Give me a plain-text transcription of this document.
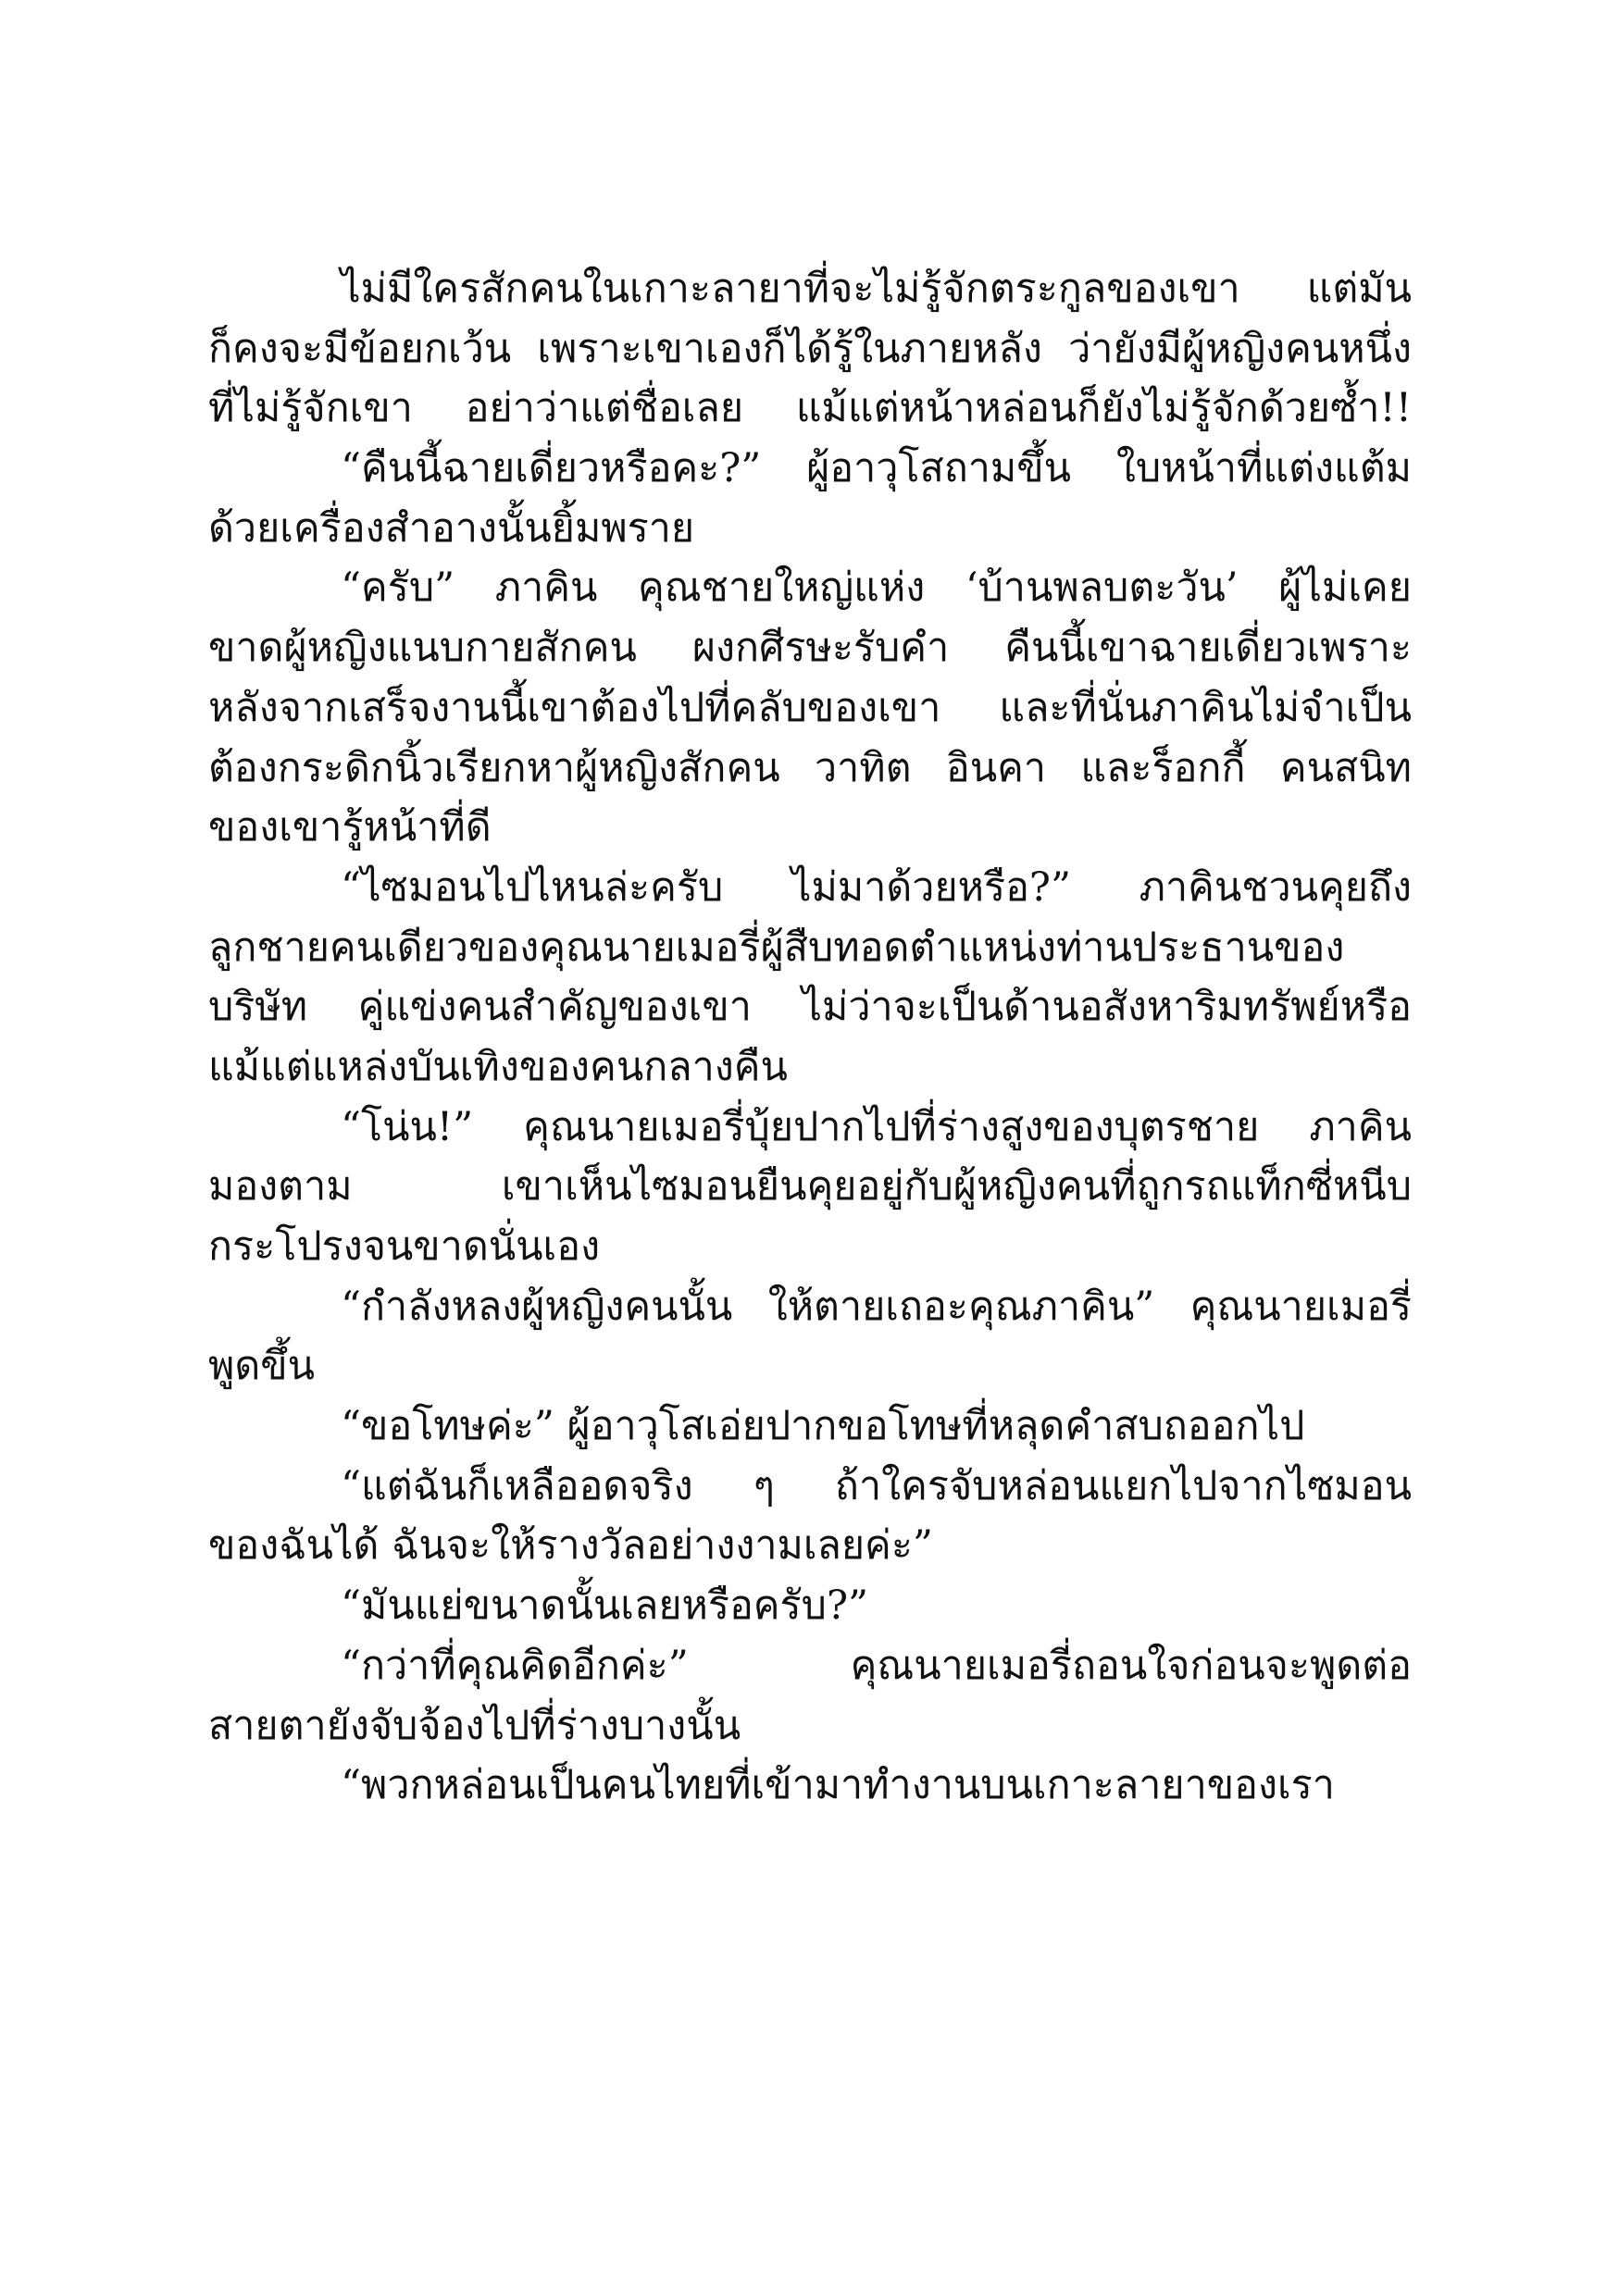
ไม่มีใครสักคนในเกาะลายาที่จะไม่รู้จักตระกูลของเขา แต่มัน
ก็คงจะมีข้อยกเว้น เพราะเขาเองก็ได้รู้ในภายหลัง ว่ายังมีผู้หญิงคนหนึ่ง
ที่ไม่รู้จักเขา อย่าว่าแต่ชื่อเลย แม้แต่หน้าหล่อนก็ยังไม่รู้จักด้วยซ้ำ!!
“คืนนี้ฉายเดี่ยวหรือคะ?” ผู้อาวุโสถามขึ้น ใบหน้าที่แต่งแต้ม
ด้วยเครื่องสำอางนั้นยิ้มพราย
“ครับ” ภาคิน คุณชายใหญ่แห่ง ‘บ้านพลบตะวัน’ ผู้ไม่เคย
ขาดผู้หญิงแนบกายสักคน ผงกศีรษะรับคำ คืนนี้เขาฉายเดี่ยวเพราะ
หลังจากเสร็จงานนี้เขาต้องไปที่คลับของเขา และที่นั่นภาคินไม่จำเป็น
ต้องกระดิกนิ้วเรียกหาผู้หญิงสักคน วาทิต อินคา และร็อกกี้ คนสนิท
ของเขารู้หน้าที่ดี
“ไซมอนไปไหนล่ะครับ ไม่มาด้วยหรือ?” ภาคินชวนคุยถึง
ลูกชายคนเดียวของคุณนายเมอรี่ผู้สืบทอดตำแหน่งท่านประธานของ
บริษัท คู่แข่งคนสำคัญของเขา ไม่ว่าจะเป็นด้านอสังหาริมทรัพย์หรือ
แม้แต่แหล่งบันเทิงของคนกลางคืน
“โน่น!” คุณนายเมอรี่บุ้ยปากไปที่ร่างสูงของบุตรชาย ภาคิน
มองตาม เขาเห็นไซมอนยืนคุยอยู่กับผู้หญิงคนที่ถูกรถแท็กซี่หนีบ
กระโปรงจนขาดนั่นเอง
“กำลังหลงผู้หญิงคนนั้น ให้ตายเถอะคุณภาคิน” คุณนายเมอรี่
พูดขึ้น
“ขอโทษค่ะ” ผู้อาวุโสเอ่ยปากขอโทษที่หลุดคำสบถออกไป
“แต่ฉันก็เหลืออดจริง ๆ ถ้าใครจับหล่อนแยกไปจากไซมอน
ของฉันได้ ฉันจะให้รางวัลอย่างงามเลยค่ะ”
“มันแย่ขนาดนั้นเลยหรือครับ?”
“กว่าที่คุณคิดอีกค่ะ” คุณนายเมอรี่ถอนใจก่อนจะพูดต่อ
สายตายังจับจ้องไปที่ร่างบางนั้น
“พวกหล่อนเป็นคนไทยที่เข้ามาทำงานบนเกาะลายาของเรา
